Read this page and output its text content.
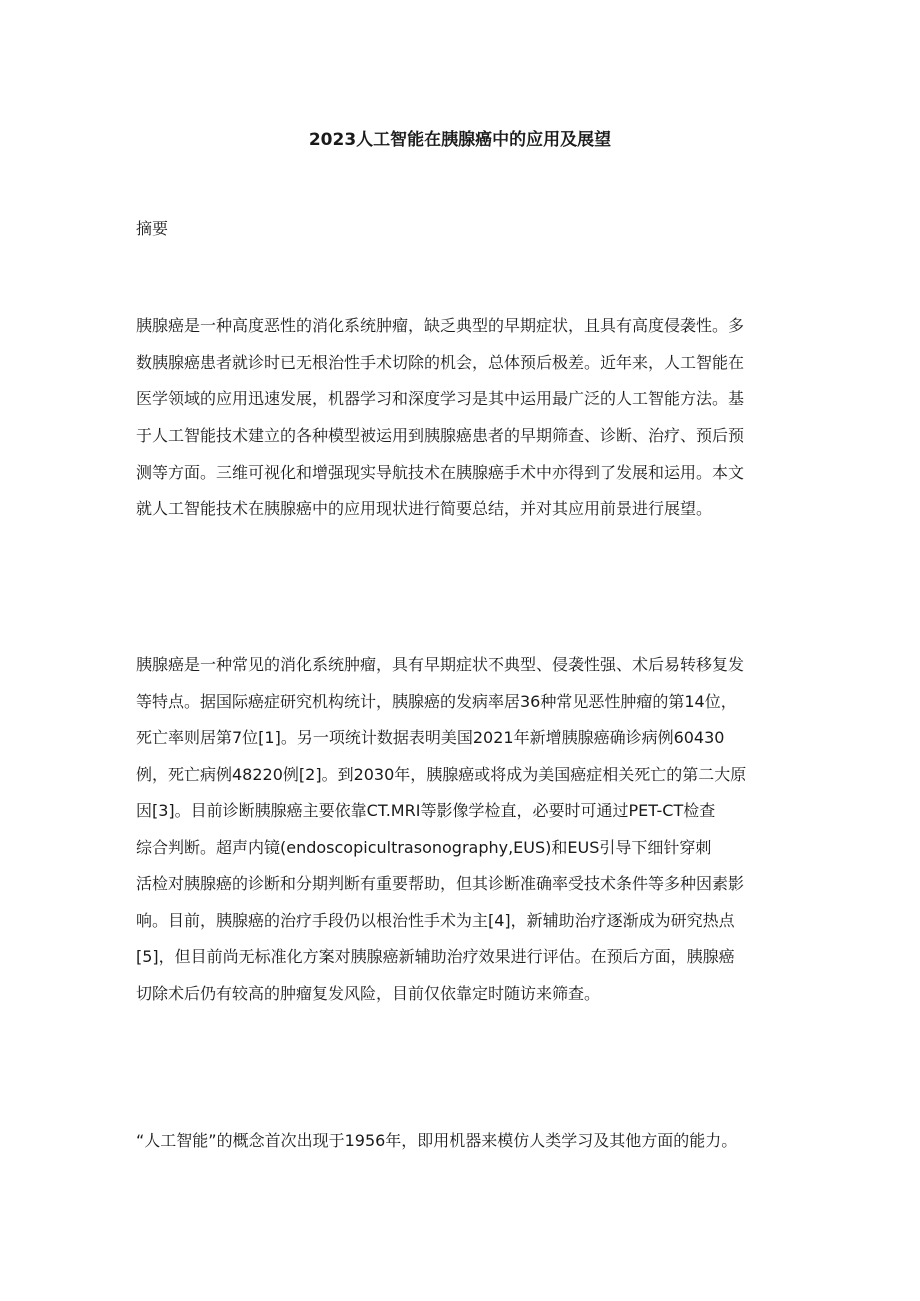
2023人工智能在胰腺癌中的应用及展望
摘要
胰腺癌是一种高度恶性的消化系统肿瘤，缺乏典型的早期症状，且具有高度侵袭性。多
数胰腺癌患者就诊时已无根治性手术切除的机会，总体预后极差。近年来，人工智能在
医学领域的应用迅速发展，机器学习和深度学习是其中运用最广泛的人工智能方法。基
于人工智能技术建立的各种模型被运用到胰腺癌患者的早期筛查、诊断、治疗、预后预
测等方面。三维可视化和增强现实导航技术在胰腺癌手术中亦得到了发展和运用。本文
就人工智能技术在胰腺癌中的应用现状进行简要总结，并对其应用前景进行展望。
胰腺癌是一种常见的消化系统肿瘤，具有早期症状不典型、侵袭性强、术后易转移复发
等特点。据国际癌症研究机构统计，胰腺癌的发病率居36种常见恶性肿瘤的第14位，
死亡率则居第7位[1]。另一项统计数据表明美国2021年新增胰腺癌确诊病例60430
例，死亡病例48220例[2]。到2030年，胰腺癌或将成为美国癌症相关死亡的第二大原
因[3]。目前诊断胰腺癌主要依靠CT.MRI等影像学检直，必要时可通过PET-CT检查
综合判断。超声内镜(endoscopicultrasonography,EUS)和EUS引导下细针穿刺
活检对胰腺癌的诊断和分期判断有重要帮助，但其诊断准确率受技术条件等多种因素影
响。目前，胰腺癌的治疗手段仍以根治性手术为主[4]，新辅助治疗逐渐成为研究热点
[5]，但目前尚无标准化方案对胰腺癌新辅助治疗效果进行评估。在预后方面，胰腺癌
切除术后仍有较高的肿瘤复发风险，目前仅依靠定时随访来筛查。
“人工智能”的概念首次出现于1956年，即用机器来模仿人类学习及其他方面的能力。
